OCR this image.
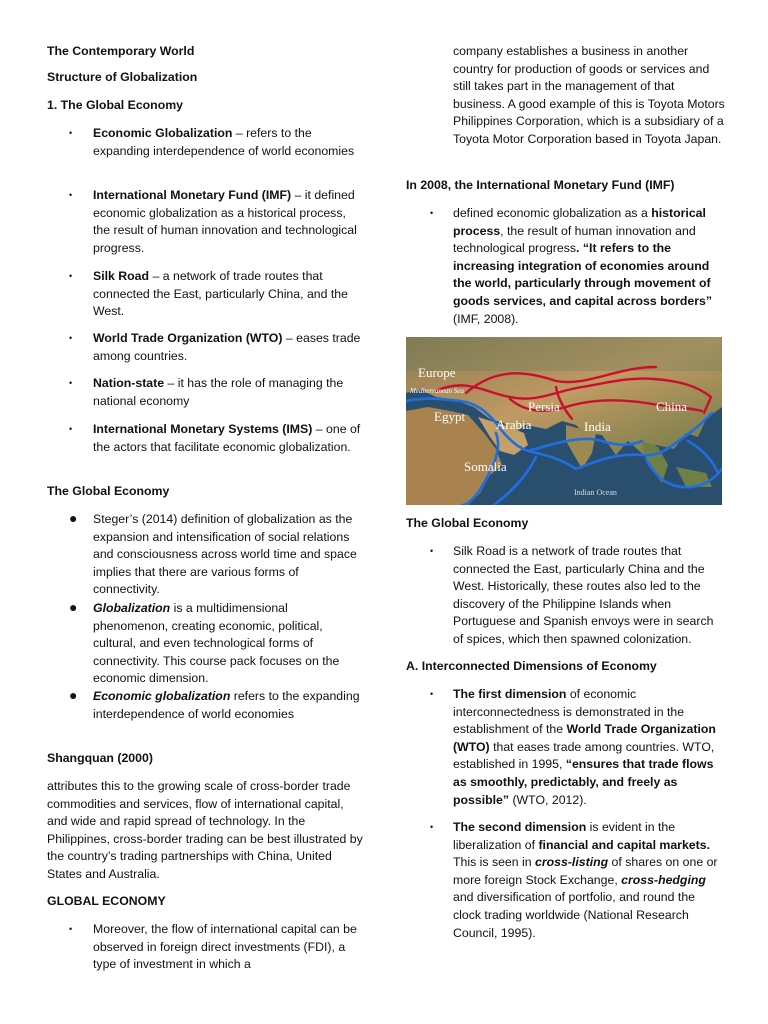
The Contemporary World
Structure of Globalization
1. The Global Economy
• Economic Globalization – refers to the expanding interdependence of world economies
• International Monetary Fund (IMF) – it defined economic globalization as a historical process, the result of human innovation and technological progress.
• Silk Road – a network of trade routes that connected the East, particularly China, and the West.
• World Trade Organization (WTO) – eases trade among countries.
• Nation-state – it has the role of managing the national economy
• International Monetary Systems (IMS) – one of the actors that facilitate economic globalization.
The Global Economy
● Steger’s (2014) definition of globalization as the expansion and intensification of social relations and consciousness across world time and space implies that there are various forms of connectivity.
● Globalization is a multidimensional phenomenon, creating economic, political, cultural, and even technological forms of connectivity. This course pack focuses on the economic dimension.
● Economic globalization refers to the expanding interdependence of world economies
Shangquan (2000)
attributes this to the growing scale of cross-border trade commodities and services, flow of international capital, and wide and rapid spread of technology. In the Philippines, cross-border trading can be best illustrated by the country’s trading partnerships with China, United States and Australia.
GLOBAL ECONOMY
• Moreover, the flow of international capital can be observed in foreign direct investments (FDI), a type of investment in which a
company establishes a business in another country for production of goods or services and still takes part in the management of that business. A good example of this is Toyota Motors Philippines Corporation, which is a subsidiary of a Toyota Motor Corporation based in Toyota Japan.
In 2008, the International Monetary Fund (IMF)
• defined economic globalization as a historical process, the result of human innovation and technological progress. “It refers to the increasing integration of economies around the world, particularly through movement of goods services, and capital across borders” (IMF, 2008).
Europe
Mediterranean Sea
Egypt
Persia
Arabia	India
China
Somalia
Indian Ocean
The Global Economy
• Silk Road is a network of trade routes that connected the East, particularly China and the West. Historically, these routes also led to the discovery of the Philippine Islands when Portuguese and Spanish envoys were in search of spices, which then spawned colonization.
A. Interconnected Dimensions of Economy
• The first dimension of economic interconnectedness is demonstrated in the establishment of the World Trade Organization (WTO) that eases trade among countries. WTO, established in 1995, “ensures that trade flows as smoothly, predictably, and freely as possible” (WTO, 2012).
• The second dimension is evident in the liberalization of financial and capital markets. This is seen in cross-listing of shares on one or more foreign Stock Exchange, cross-hedging and diversification of portfolio, and round the clock trading worldwide (National Research Council, 1995).
